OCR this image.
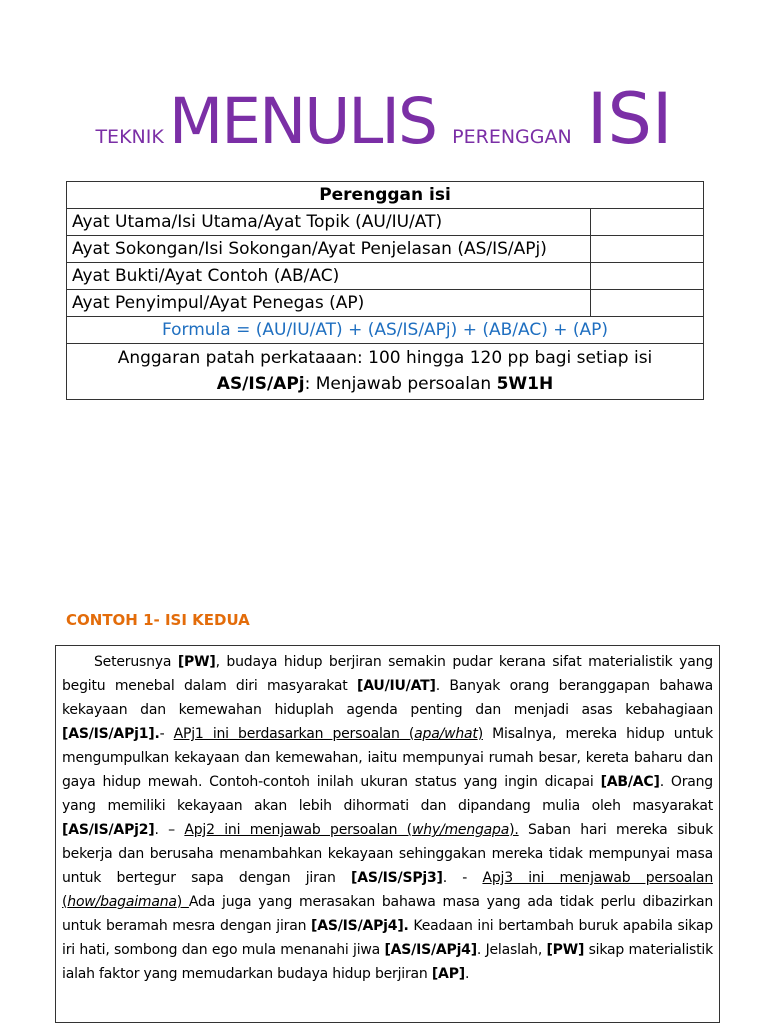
TEKNIK MENULIS PERENGGAN ISI
Perenggan isi	
Ayat Utama/Isi Utama/Ayat Topik (AU/IU/AT)	
Ayat Sokongan/Isi Sokongan/Ayat Penjelasan (AS/IS/APj)	
Ayat Bukti/Ayat Contoh (AB/AC)	
Ayat Penyimpul/Ayat Penegas (AP)	
Formula = (AU/IU/AT) + (AS/IS/APj) + (AB/AC) + (AP)	

Anggaran patah perkataaan: 100 hingga 120 pp bagi setiap isi
AS/IS/APj: Menjawab persoalan 5W1H	
CONTOH 1- ISI KEDUA
Seterusnya [PW], budaya hidup berjiran semakin pudar kerana sifat materialistik yang begitu menebal dalam diri masyarakat [AU/IU/AT]. Banyak orang beranggapan bahawa kekayaan dan kemewahan hiduplah agenda penting dan menjadi asas kebahagiaan [AS/IS/APj1].- APj1 ini berdasarkan persoalan (apa/what) Misalnya, mereka hidup untuk mengumpulkan kekayaan dan kemewahan, iaitu mempunyai rumah besar, kereta baharu dan gaya hidup mewah. Contoh-contoh inilah ukuran status yang ingin dicapai [AB/AC]. Orang yang memiliki kekayaan akan lebih dihormati dan dipandang mulia oleh masyarakat [AS/IS/APj2]. – Apj2 ini menjawab persoalan (why/mengapa). Saban hari mereka sibuk bekerja dan berusaha menambahkan kekayaan sehinggakan mereka tidak mempunyai masa untuk bertegur sapa dengan jiran [AS/IS/SPj3]. - Apj3 ini menjawab persoalan (how/bagaimana) Ada juga yang merasakan bahawa masa yang ada tidak perlu dibazirkan untuk beramah mesra dengan jiran [AS/IS/APj4]. Keadaan ini bertambah buruk apabila sikap iri hati, sombong dan ego mula menanahi jiwa [AS/IS/APj4]. Jelaslah, [PW] sikap materialistik ialah faktor yang memudarkan budaya hidup berjiran [AP].
